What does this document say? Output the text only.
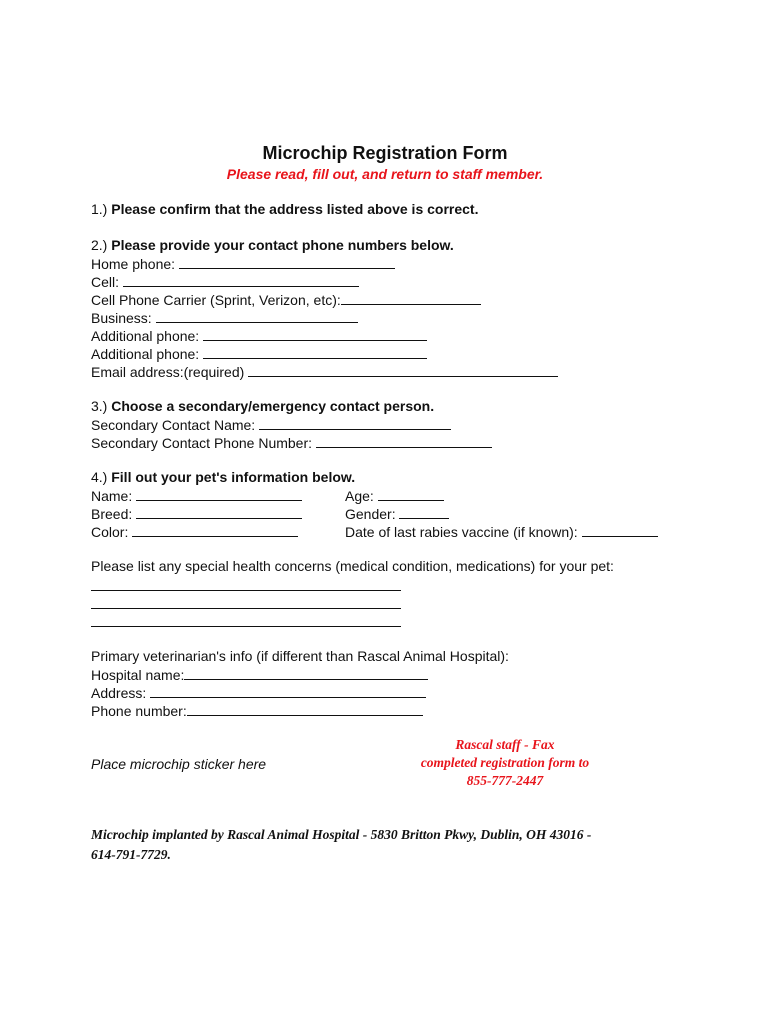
Microchip Registration Form
Please read, fill out, and return to staff member.
1.) Please confirm that the address listed above is correct.
2.) Please provide your contact phone numbers below.
Home phone:
Cell:
Cell Phone Carrier (Sprint, Verizon, etc):
Business:
Additional phone:
Additional phone:
Email address:(required)
3.) Choose a secondary/emergency contact person.
Secondary Contact Name:
Secondary Contact Phone Number:
4.) Fill out your pet's information below.
Name:
Breed:
Color:
Age:
Gender:
Date of last rabies vaccine (if known):
Please list any special health concerns (medical condition, medications) for your pet:
Primary veterinarian's info (if different than Rascal Animal Hospital):
Hospital name:
Address:
Phone number:
Place microchip sticker here
Rascal staff - Fax
completed registration form to
855-777-2447
Microchip implanted by Rascal Animal Hospital - 5830 Britton Pkwy, Dublin, OH 43016 -
614-791-7729.
